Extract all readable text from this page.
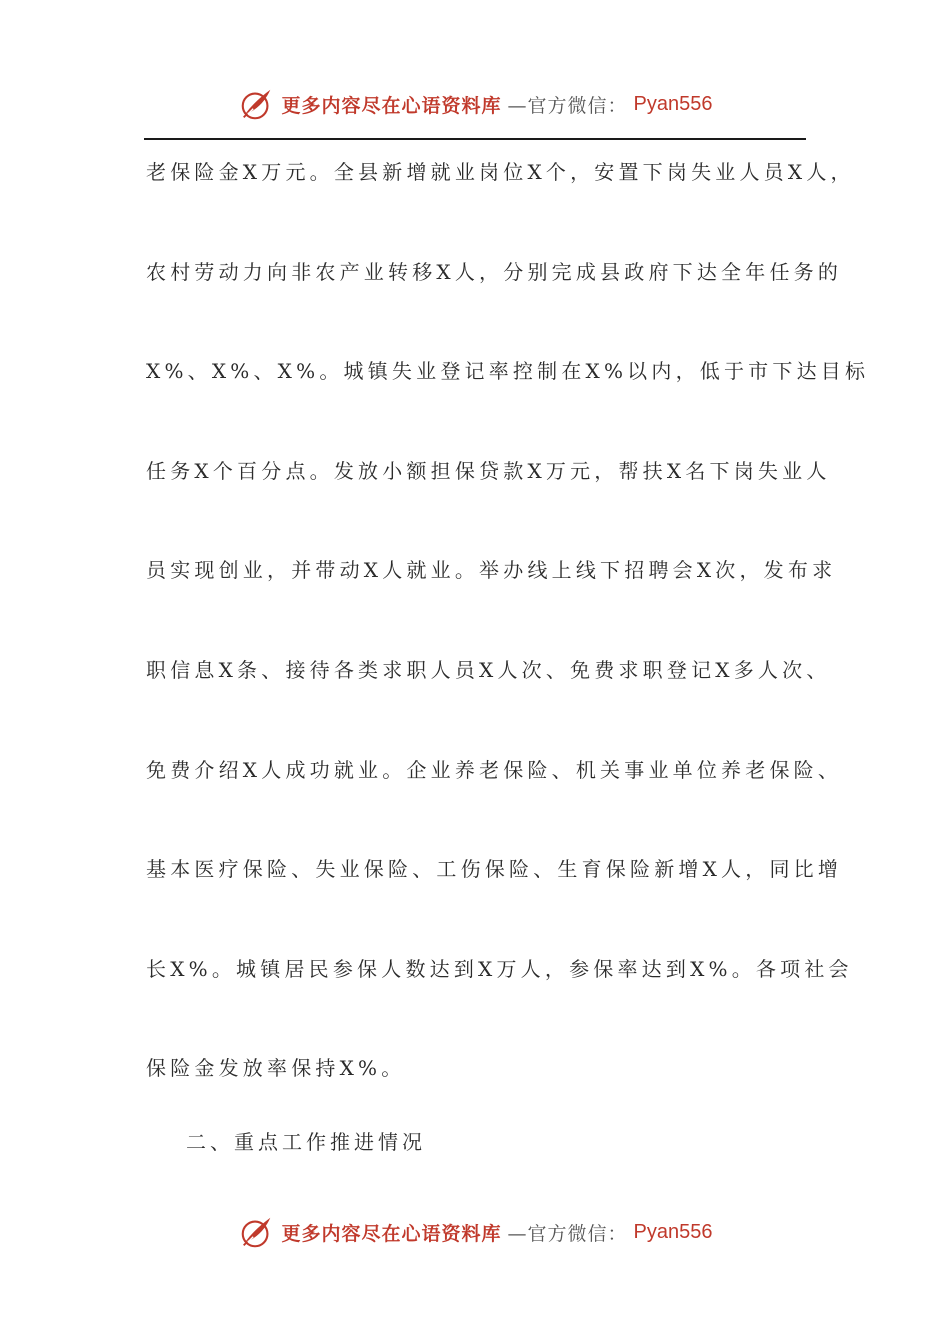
更多内容尽在心语资料库 —官方微信： Pyan556
老保险金X万元。全县新增就业岗位X个，安置下岗失业人员X人，
农村劳动力向非农产业转移X人，分别完成县政府下达全年任务的
X%、X%、X%。城镇失业登记率控制在X%以内，低于市下达目标
任务X个百分点。发放小额担保贷款X万元，帮扶X名下岗失业人
员实现创业，并带动X人就业。举办线上线下招聘会X次，发布求
职信息X条、接待各类求职人员X人次、免费求职登记X多人次、
免费介绍X人成功就业。企业养老保险、机关事业单位养老保险、
基本医疗保险、失业保险、工伤保险、生育保险新增X人，同比增
长X%。城镇居民参保人数达到X万人，参保率达到X%。各项社会
保险金发放率保持X%。
二、重点工作推进情况
更多内容尽在心语资料库 —官方微信： Pyan556
